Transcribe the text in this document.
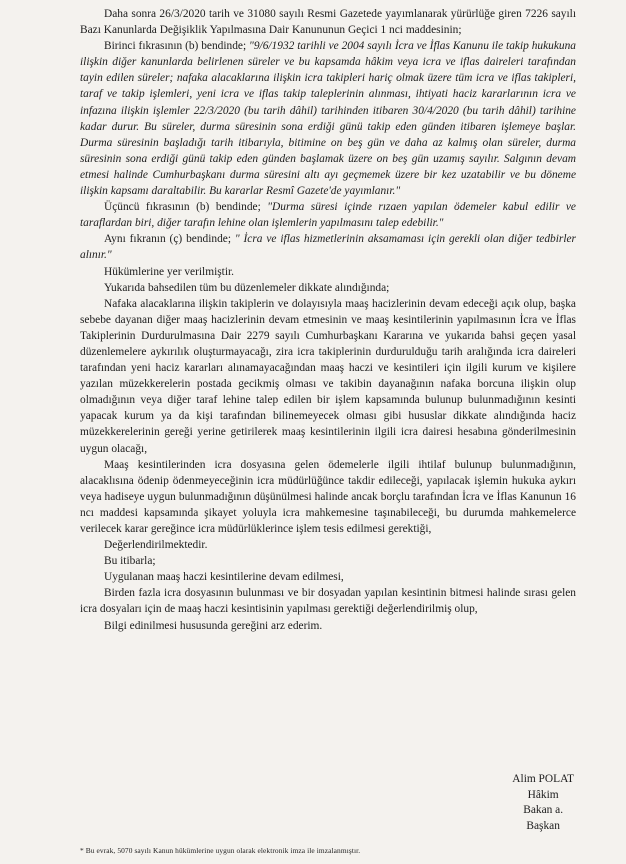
Daha sonra 26/3/2020 tarih ve 31080 sayılı Resmi Gazetede yayımlanarak yürürlüğe giren 7226 sayılı Bazı Kanunlarda Değişiklik Yapılmasına Dair Kanununun Geçici 1 nci maddesinin;

Birinci fıkrasının (b) bendinde; "9/6/1932 tarihli ve 2004 sayılı İcra ve İflas Kanunu ile takip hukukuna ilişkin diğer kanunlarda belirlenen süreler ve bu kapsamda hâkim veya icra ve iflas daireleri tarafından tayin edilen süreler; nafaka alacaklarına ilişkin icra takipleri hariç olmak üzere tüm icra ve iflas takipleri, taraf ve takip işlemleri, yeni icra ve iflas takip taleplerinin alınması, ihtiyati haciz kararlarının icra ve infazına ilişkin işlemler 22/3/2020 (bu tarih dâhil) tarihinden itibaren 30/4/2020 (bu tarih dâhil) tarihine kadar durur. Bu süreler, durma süresinin sona erdiği günü takip eden günden itibaren işlemeye başlar. Durma süresinin başladığı tarih itibarıyla, bitimine on beş gün ve daha az kalmış olan süreler, durma süresinin sona erdiği günü takip eden günden başlamak üzere on beş gün uzamış sayılır. Salgının devam etmesi halinde Cumhurbaşkanı durma süresini altı ayı geçmemek üzere bir kez uzatabilir ve bu döneme ilişkin kapsamı daraltabilir. Bu kararlar Resmî Gazete'de yayımlanır."

Üçüncü fıkrasının (b) bendinde; "Durma süresi içinde rızaen yapılan ödemeler kabul edilir ve taraflardan biri, diğer tarafın lehine olan işlemlerin yapılmasını talep edebilir."

Aynı fıkranın (ç) bendinde; " İcra ve iflas hizmetlerinin aksamaması için gerekli olan diğer tedbirler alınır."

Hükümlerine yer verilmiştir.

Yukarıda bahsedilen tüm bu düzenlemeler dikkate alındığında;

Nafaka alacaklarına ilişkin takiplerin ve dolayısıyla maaş hacizlerinin devam edeceği açık olup, başka sebebe dayanan diğer maaş hacizlerinin devam etmesinin ve maaş kesintilerinin yapılmasının İcra ve İflas Takiplerinin Durdurulmasına Dair 2279 sayılı Cumhurbaşkanı Kararına ve yukarıda bahsi geçen yasal düzenlemelere aykırılık oluşturmayacağı, zira icra takiplerinin durdurulduğu tarih aralığında icra daireleri tarafından yeni haciz kararları alınamayacağından maaş haczi ve kesintileri için ilgili kurum ve kişilere yazılan müzekkerelerin postada gecikmiş olması ve takibin dayanağının nafaka borcuna ilişkin olup olmadığının veya diğer taraf lehine talep edilen bir işlem kapsamında bulunup bulunmadığının kesinti yapacak kurum ya da kişi tarafından bilinemeyecek olması gibi hususlar dikkate alındığında haciz müzekkerelerinin gereği yerine getirilerek maaş kesintilerinin ilgili icra dairesi hesabına gönderilmesinin uygun olacağı,

Maaş kesintilerinden icra dosyasına gelen ödemelerle ilgili ihtilaf bulunup bulunmadığının, alacaklısına ödenip ödenmeyeceğinin icra müdürlüğünce takdir edileceği, yapılacak işlemin hukuka aykırı veya hadiseye uygun bulunmadığının düşünülmesi halinde ancak borçlu tarafından İcra ve İflas Kanunun 16 ncı maddesi kapsamında şikayet yoluyla icra mahkemesine taşınabileceği, bu durumda mahkemelerce verilecek karar gereğince icra müdürlüklerince işlem tesis edilmesi gerektiği,

Değerlendirilmektedir.

Bu itibarla;

Uygulanan maaş haczi kesintilerine devam edilmesi,

Birden fazla icra dosyasının bulunması ve bir dosyadan yapılan kesintinin bitmesi halinde sırası gelen icra dosyaları için de maaş haczi kesintisinin yapılması gerektiği değerlendirilmiş olup,

Bilgi edinilmesi hususunda gereğini arz ederim.

Alim POLAT
Hâkim
Bakan a.
Başkan
* Bu evrak, 5070 sayılı Kanun hükümlerine uygun olarak elektronik imza ile imzalanmıştır.
